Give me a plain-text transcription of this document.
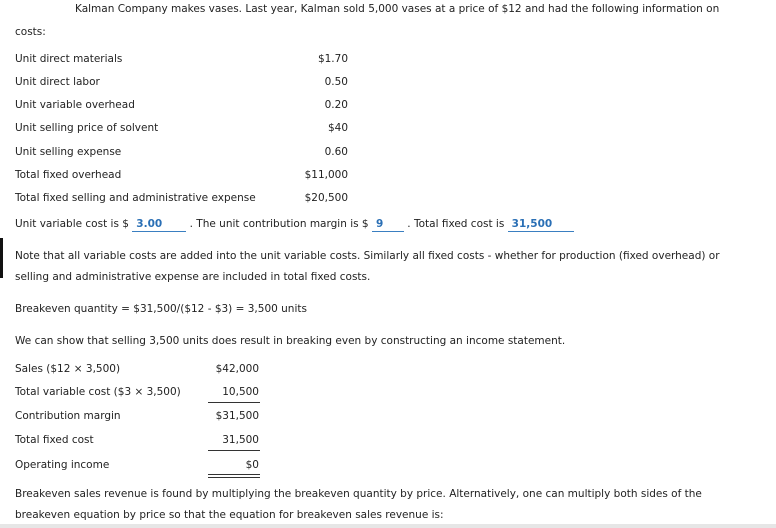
Kalman Company makes vases. Last year, Kalman sold 5,000 vases at a price of $12 and had the following information on
costs:
Unit direct materials	$1.70
Unit direct labor	0.50
Unit variable overhead	0.20
Unit selling price of solvent	$40
Unit selling expense	0.60
Total fixed overhead	$11,000
Total fixed selling and administrative expense	$20,500
Unit variable cost is $ 3.00	. The unit contribution margin is $ 9 . Total fixed cost is 31,500
Note that all variable costs are added into the unit variable costs. Similarly all fixed costs - whether for production (fixed overhead) or
selling and administrative expense are included in total fixed costs.
Breakeven quantity = $31,500/($12 - $3) = 3,500 units
We can show that selling 3,500 units does result in breaking even by constructing an income statement.
Sales ($12 × 3,500)	$42,000
Total variable cost ($3 × 3,500)	10,500
Contribution margin	$31,500
Total fixed cost	31,500
Operating income	$0
Breakeven sales revenue is found by multiplying the breakeven quantity by price. Alternatively, one can multiply both sides of the
breakeven equation by price so that the equation for breakeven sales revenue is:
